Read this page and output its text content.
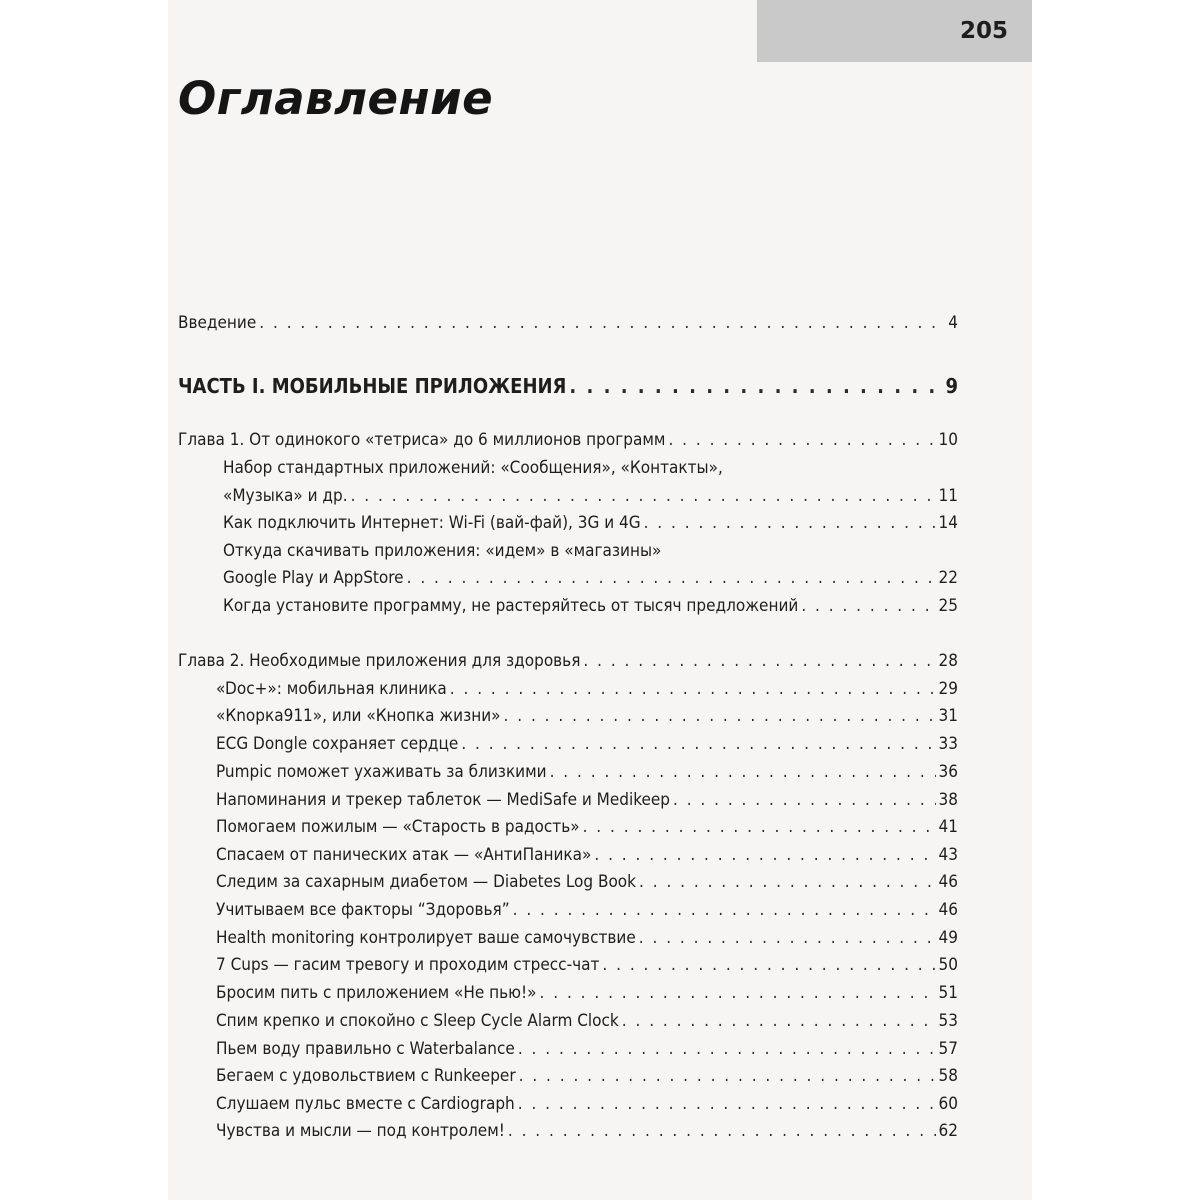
205
Оглавление
Введение . . .	4
ЧАСТЬ I. МОБИЛЬНЫЕ ПРИЛОЖЕНИЯ . . .	9
Глава 1. От одинокого «тетриса» до 6 миллионов программ . . .	10
Набор стандартных приложений: «Сообщения», «Контакты»,
«Музыка» и др. . . .	11
Как подключить Интернет: Wi-Fi (вай-фай), 3G и 4G . . .	14
Откуда скачивать приложения: «идем» в «магазины»
Google Play и AppStore . . .	22
Когда установите программу, не растеряйтесь от тысяч предложений . . .	25
Глава 2. Необходимые приложения для здоровья . . .	28
«Doc+»: мобильная клиника . . .	29
«Кnopка911», или «Кнопка жизни» . . .	31
ECG Dongle сохраняет сердце . . .	33
Pumpic поможет ухаживать за близкими . . .	36
Напоминания и трекер таблеток — MediSafe и Medikeep . . .	38
Помогаем пожилым — «Старость в радость» . . .	41
Спасаем от панических атак — «АнтиПаника» . . .	43
Следим за сахарным диабетом — Diabetes Log Book . . .	46
Учитываем все факторы “Здоровья” . . .	46
Health monitoring контролирует ваше самочувствие . . .	49
7 Cups — гасим тревогу и проходим стресс-чат . . .	50
Бросим пить с приложением «Не пью!» . . .	51
Спим крепко и спокойно с Sleep Cycle Alarm Clock . . .	53
Пьем воду правильно с Waterbalance . . .	57
Бегаем с удовольствием с Runkeeper . . .	58
Слушаем пульс вместе с Cardiograph . . .	60
Чувства и мысли — под контролем! . . .	62
